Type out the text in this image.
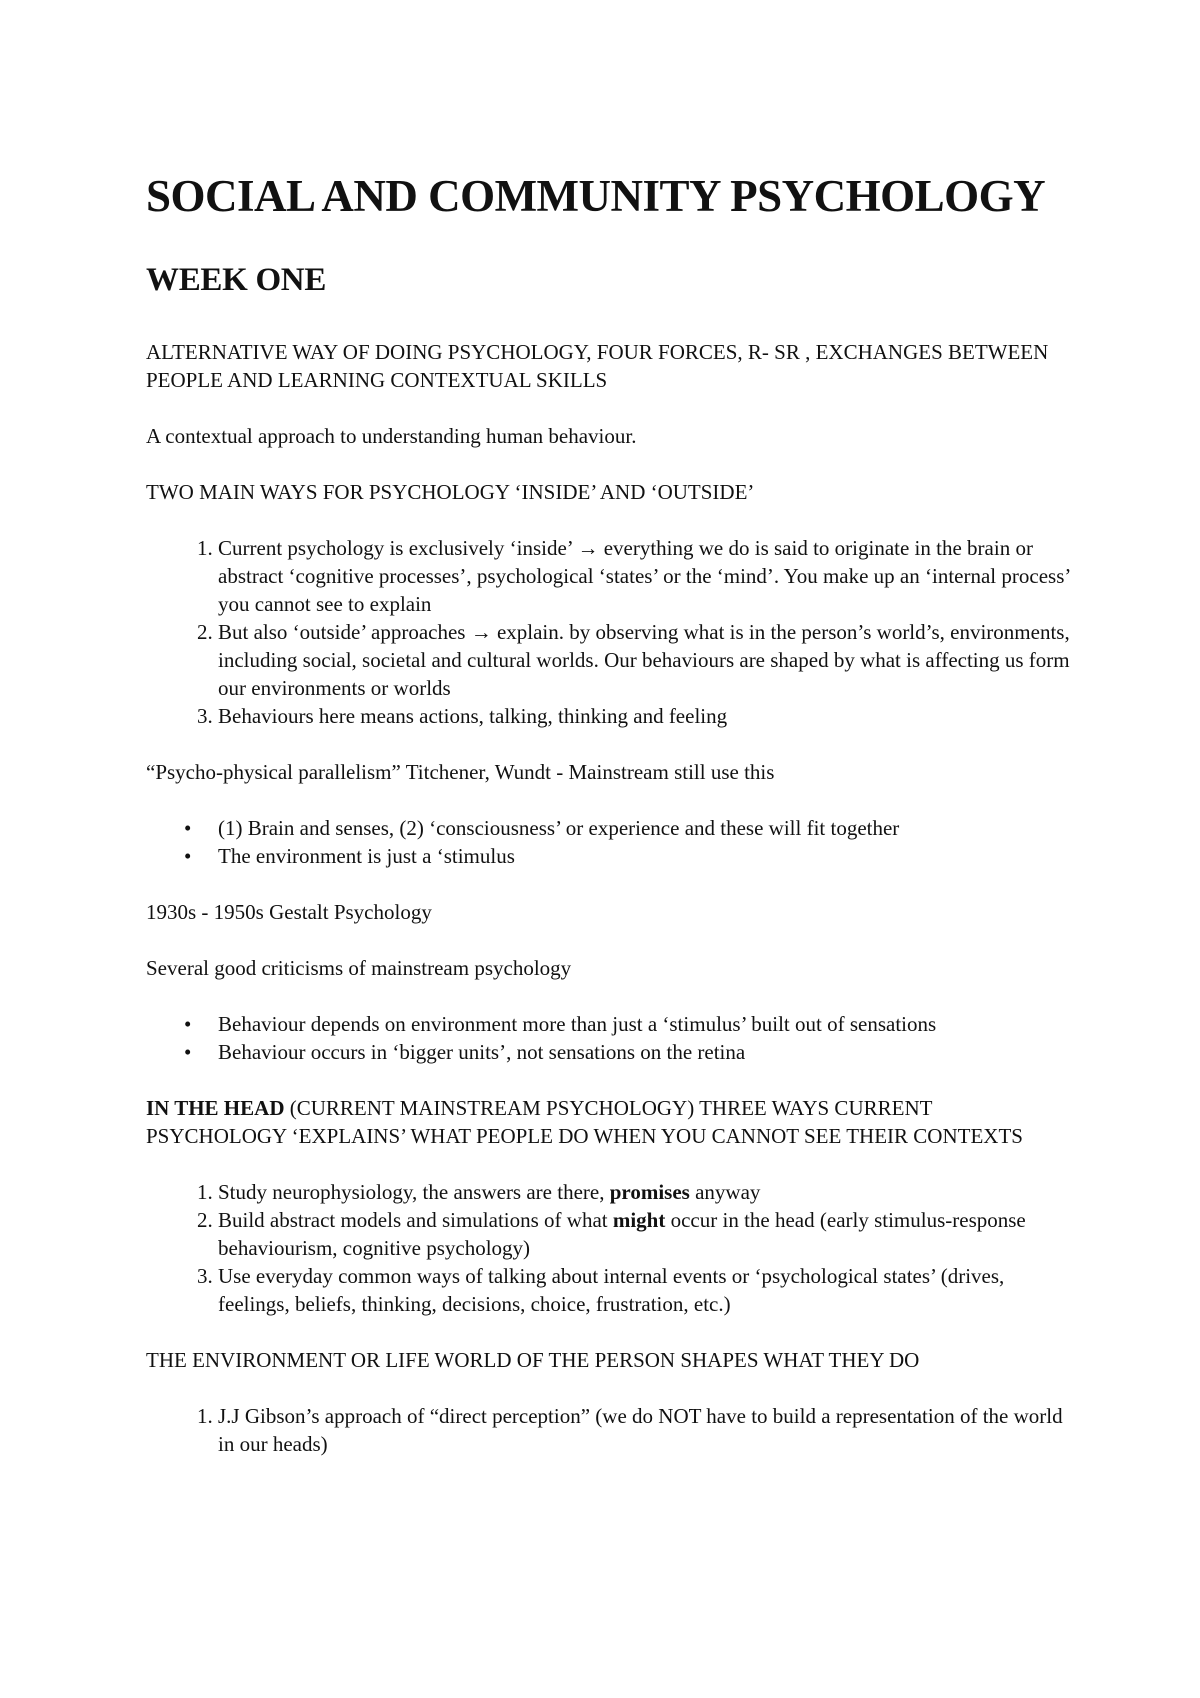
SOCIAL AND COMMUNITY PSYCHOLOGY
WEEK ONE

ALTERNATIVE WAY OF DOING PSYCHOLOGY, FOUR FORCES, R- SR , EXCHANGES BETWEEN PEOPLE AND LEARNING CONTEXTUAL SKILLS

A contextual approach to understanding human behaviour.

TWO MAIN WAYS FOR PSYCHOLOGY ‘INSIDE’ AND ‘OUTSIDE’

1. Current psychology is exclusively ‘inside’ → everything we do is said to originate in the brain or abstract ‘cognitive processes’, psychological ‘states’ or the ‘mind’. You make up an ‘internal process’ you cannot see to explain
2. But also ‘outside’ approaches → explain. by observing what is in the person’s world’s, environments, including social, societal and cultural worlds. Our behaviours are shaped by what is affecting us form our environments or worlds
3. Behaviours here means actions, talking, thinking and feeling

“Psycho-physical parallelism” Titchener, Wundt - Mainstream still use this

• (1) Brain and senses, (2) ‘consciousness’ or experience and these will fit together
• The environment is just a ‘stimulus

1930s - 1950s Gestalt Psychology

Several good criticisms of mainstream psychology

• Behaviour depends on environment more than just a ‘stimulus’ built out of sensations
• Behaviour occurs in ‘bigger units’, not sensations on the retina

IN THE HEAD (CURRENT MAINSTREAM PSYCHOLOGY) THREE WAYS CURRENT PSYCHOLOGY ‘EXPLAINS’ WHAT PEOPLE DO WHEN YOU CANNOT SEE THEIR CONTEXTS

1. Study neurophysiology, the answers are there, promises anyway
2. Build abstract models and simulations of what might occur in the head (early stimulus-response behaviourism, cognitive psychology)
3. Use everyday common ways of talking about internal events or ‘psychological states’ (drives, feelings, beliefs, thinking, decisions, choice, frustration, etc.)

THE ENVIRONMENT OR LIFE WORLD OF THE PERSON SHAPES WHAT THEY DO

1. J.J Gibson’s approach of “direct perception” (we do NOT have to build a representation of the world in our heads)
